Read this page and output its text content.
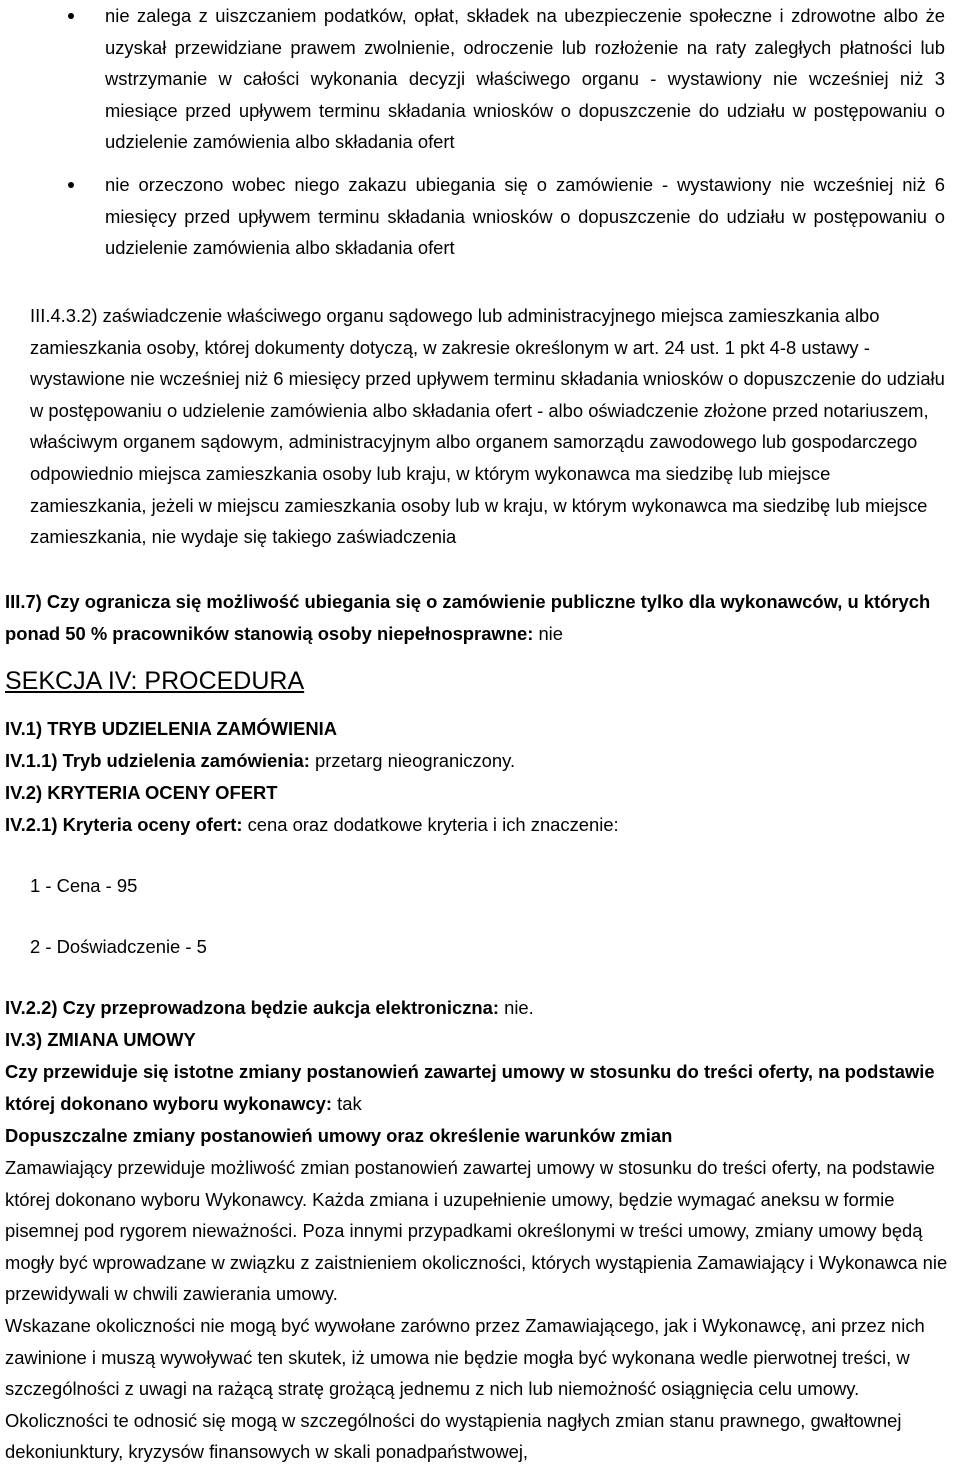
nie zalega z uiszczaniem podatków, opłat, składek na ubezpieczenie społeczne i zdrowotne albo że uzyskał przewidziane prawem zwolnienie, odroczenie lub rozłożenie na raty zaległych płatności lub wstrzymanie w całości wykonania decyzji właściwego organu - wystawiony nie wcześniej niż 3 miesiące przed upływem terminu składania wniosków o dopuszczenie do udziału w postępowaniu o udzielenie zamówienia albo składania ofert
nie orzeczono wobec niego zakazu ubiegania się o zamówienie - wystawiony nie wcześniej niż 6 miesięcy przed upływem terminu składania wniosków o dopuszczenie do udziału w postępowaniu o udzielenie zamówienia albo składania ofert
III.4.3.2) zaświadczenie właściwego organu sądowego lub administracyjnego miejsca zamieszkania albo zamieszkania osoby, której dokumenty dotyczą, w zakresie określonym w art. 24 ust. 1 pkt 4-8 ustawy - wystawione nie wcześniej niż 6 miesięcy przed upływem terminu składania wniosków o dopuszczenie do udziału w postępowaniu o udzielenie zamówienia albo składania ofert - albo oświadczenie złożone przed notariuszem, właściwym organem sądowym, administracyjnym albo organem samorządu zawodowego lub gospodarczego odpowiednio miejsca zamieszkania osoby lub kraju, w którym wykonawca ma siedzibę lub miejsce zamieszkania, jeżeli w miejscu zamieszkania osoby lub w kraju, w którym wykonawca ma siedzibę lub miejsce zamieszkania, nie wydaje się takiego zaświadczenia
III.7) Czy ogranicza się możliwość ubiegania się o zamówienie publiczne tylko dla wykonawców, u których ponad 50 % pracowników stanowią osoby niepełnosprawne: nie
SEKCJA IV: PROCEDURA
IV.1) TRYB UDZIELENIA ZAMÓWIENIA
IV.1.1) Tryb udzielenia zamówienia: przetarg nieograniczony.
IV.2) KRYTERIA OCENY OFERT
IV.2.1) Kryteria oceny ofert: cena oraz dodatkowe kryteria i ich znaczenie:
1 - Cena - 95
2 - Doświadczenie - 5
IV.2.2) Czy przeprowadzona będzie aukcja elektroniczna: nie.
IV.3) ZMIANA UMOWY
Czy przewiduje się istotne zmiany postanowień zawartej umowy w stosunku do treści oferty, na podstawie której dokonano wyboru wykonawcy: tak
Dopuszczalne zmiany postanowień umowy oraz określenie warunków zmian
Zamawiający przewiduje możliwość zmian postanowień zawartej umowy w stosunku do treści oferty, na podstawie której dokonano wyboru Wykonawcy. Każda zmiana i uzupełnienie umowy, będzie wymagać aneksu w formie pisemnej pod rygorem nieważności. Poza innymi przypadkami określonymi w treści umowy, zmiany umowy będą mogły być wprowadzane w związku z zaistnieniem okoliczności, których wystąpienia Zamawiający i Wykonawca nie przewidywali w chwili zawierania umowy.
Wskazane okoliczności nie mogą być wywołane zarówno przez Zamawiającego, jak i Wykonawcę, ani przez nich zawinione i muszą wywoływać ten skutek, iż umowa nie będzie mogła być wykonana wedle pierwotnej treści, w szczególności z uwagi na rażącą stratę grożącą jednemu z nich lub niemożność osiągnięcia celu umowy. Okoliczności te odnosić się mogą w szczególności do wystąpienia nagłych zmian stanu prawnego, gwałtownej dekoniunktury, kryzysów finansowych w skali ponadpaństwowej,
